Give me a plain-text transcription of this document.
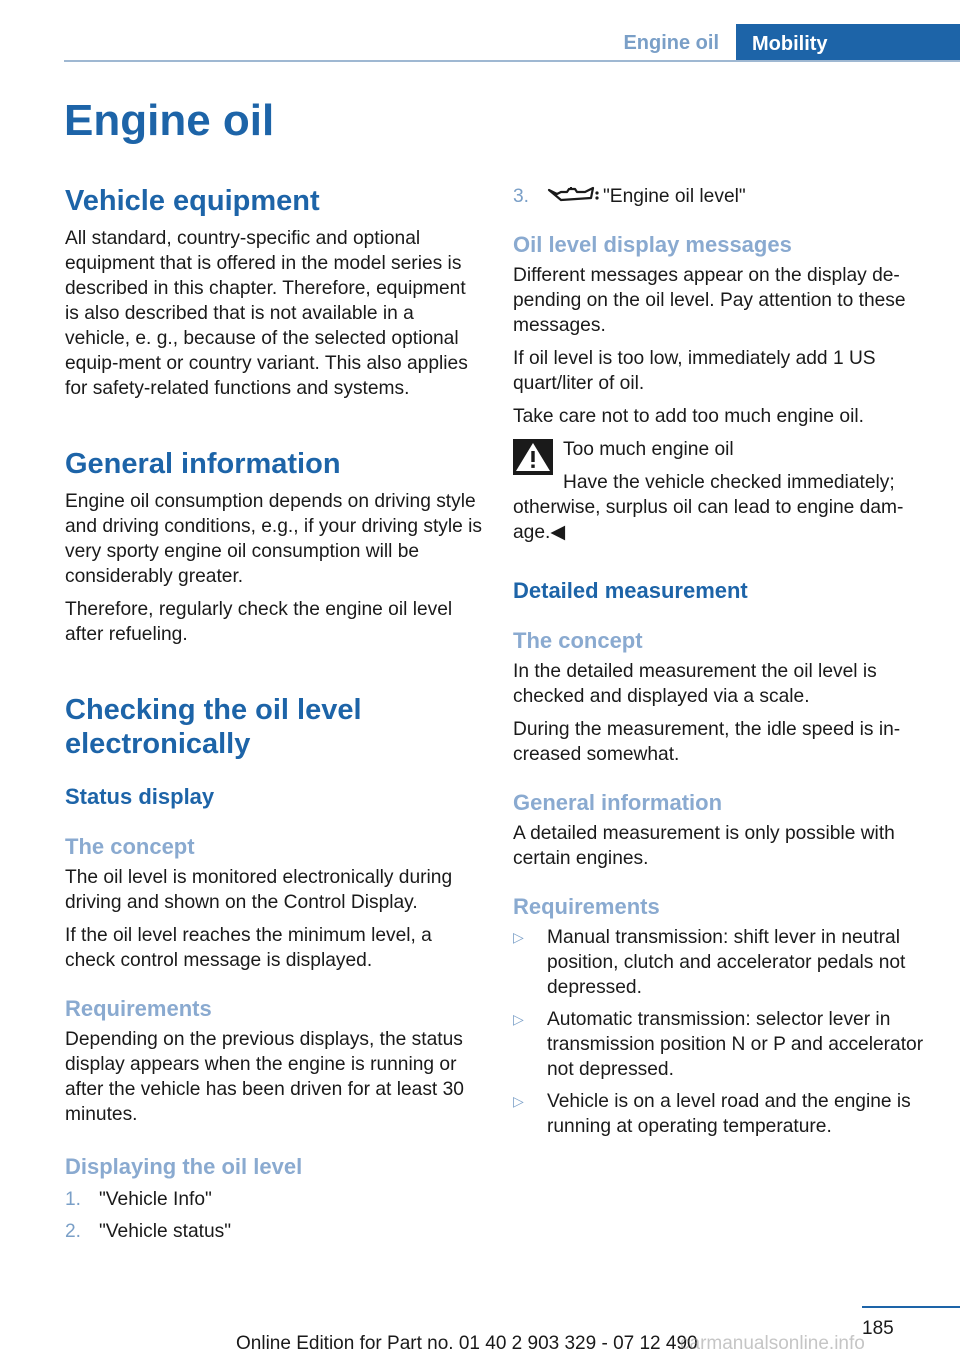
Engine oil	Mobility
Engine oil
Vehicle equipment

All standard, country-specific and optional equipment that is offered in the model series is described in this chapter. Therefore, equipment is also described that is not available in a vehicle, e. g., because of the selected optional equip-ment or country variant. This also applies for safety-related functions and systems.

General information

Engine oil consumption depends on driving style and driving conditions, e.g., if your driving style is very sporty engine oil consumption will be considerably greater.

Therefore, regularly check the engine oil level after refueling.

Checking the oil level electronically
Status display
The concept

The oil level is monitored electronically during driving and shown on the Control Display.

If the oil level reaches the minimum level, a check control message is displayed.

Requirements

Depending on the previous displays, the status display appears when the engine is running or after the vehicle has been driven for at least 30 minutes.

Displaying the oil level
1. "Vehicle Info"
2. "Vehicle status"
3.	"Engine oil level"
Oil level display messages

Different messages appear on the display de-pending on the oil level. Pay attention to these messages.

If oil level is too low, immediately add 1 US quart/liter of oil.

Take care not to add too much engine oil.

Too much engine oil
Have the vehicle checked immediately; otherwise, surplus oil can lead to engine dam-age.◀
Detailed measurement
The concept

In the detailed measurement the oil level is checked and displayed via a scale.

During the measurement, the idle speed is in-creased somewhat.

General information

A detailed measurement is only possible with certain engines.

Requirements
▷	Manual transmission: shift lever in neutral position, clutch and accelerator pedals not depressed.
▷	Automatic transmission: selector lever in transmission position N or P and accelerator not depressed.
▷	Vehicle is on a level road and the engine is running at operating temperature.
185
Online Edition for Part no. 01 40 2 903 329 - 07 12 490
carmanualsonline.info
